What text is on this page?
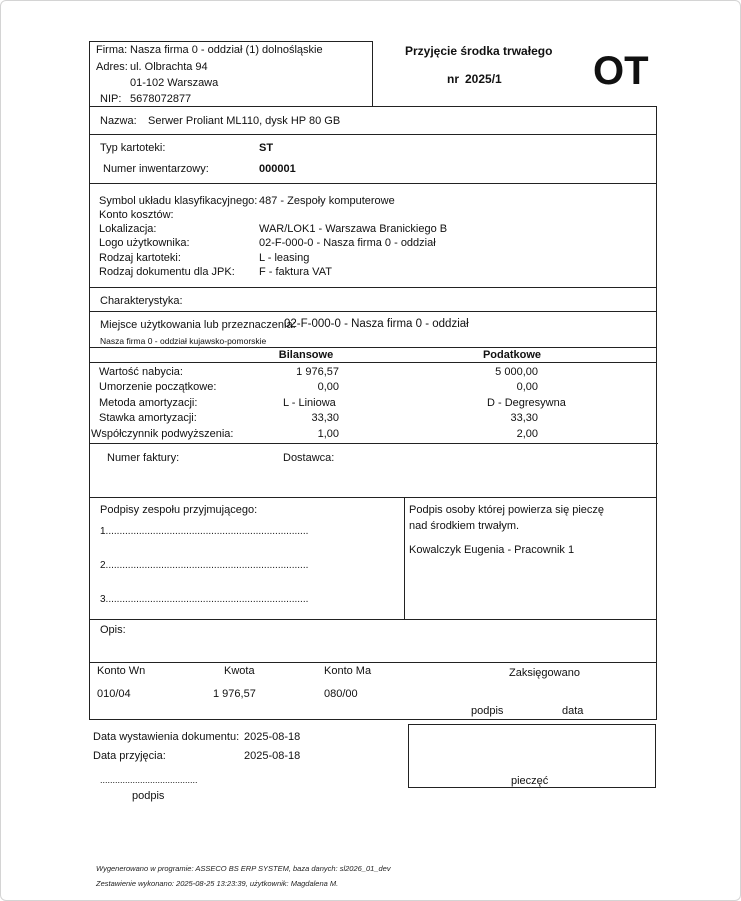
Firma: Nasza firma 0 - oddział (1) dolnośląskie
Adres: ul. Olbrachta 94
01-102 Warszawa
NIP: 5678072877
Przyjęcie środka trwałego
nr 2025/1 OT
Nazwa: Serwer Proliant ML110, dysk HP 80 GB
Typ kartoteki:	ST
Numer inwentarzowy:	000001
Symbol układu klasyfikacyjnego: 487 - Zespoły komputerowe
Konto kosztów:
Lokalizacja:	WAR/LOK1 - Warszawa Branickiego B
Logo użytkownika:	02-F-000-0 - Nasza firma 0 - oddział
Rodzaj kartoteki:	L - leasing
Rodzaj dokumentu dla JPK: F - faktura VAT
Charakterystyka:
Miejsce użytkowania lub przeznaczenia:
02-F-000-0 - Nasza firma 0 - oddział
Nasza firma 0 - oddział kujawsko-pomorskie
Bilansowe	Podatkowe
Wartość nabycia:	1 976,57	5 000,00
Umorzenie początkowe:	0,00	0,00
Metoda amortyzacji:	L - Liniowa	D - Degresywna
Stawka amortyzacji:	33,30	33,30
Współczynnik podwyższenia:	1,00	2,00
Numer faktury:	Dostawca:
Podpisy zespołu przyjmującego:
1.........................................................................
2.........................................................................
3.........................................................................
Podpis osoby której powierza się pieczę
nad środkiem trwałym.
Kowalczyk Eugenia - Pracownik 1
Opis:
Konto Wn	Kwota	Konto Ma	Zaksięgowano
010/04	1 976,57	080/00
podpis	data
Data wystawienia dokumentu: 2025-08-18
Data przyjęcia:	2025-08-18
.......................................
podpis
pieczęć
Wygenerowano w programie: ASSECO BS ERP SYSTEM, baza danych: sl2026_01_dev
Zestawienie wykonano: 2025-08-25 13:23:39, użytkownik: Magdalena M.
